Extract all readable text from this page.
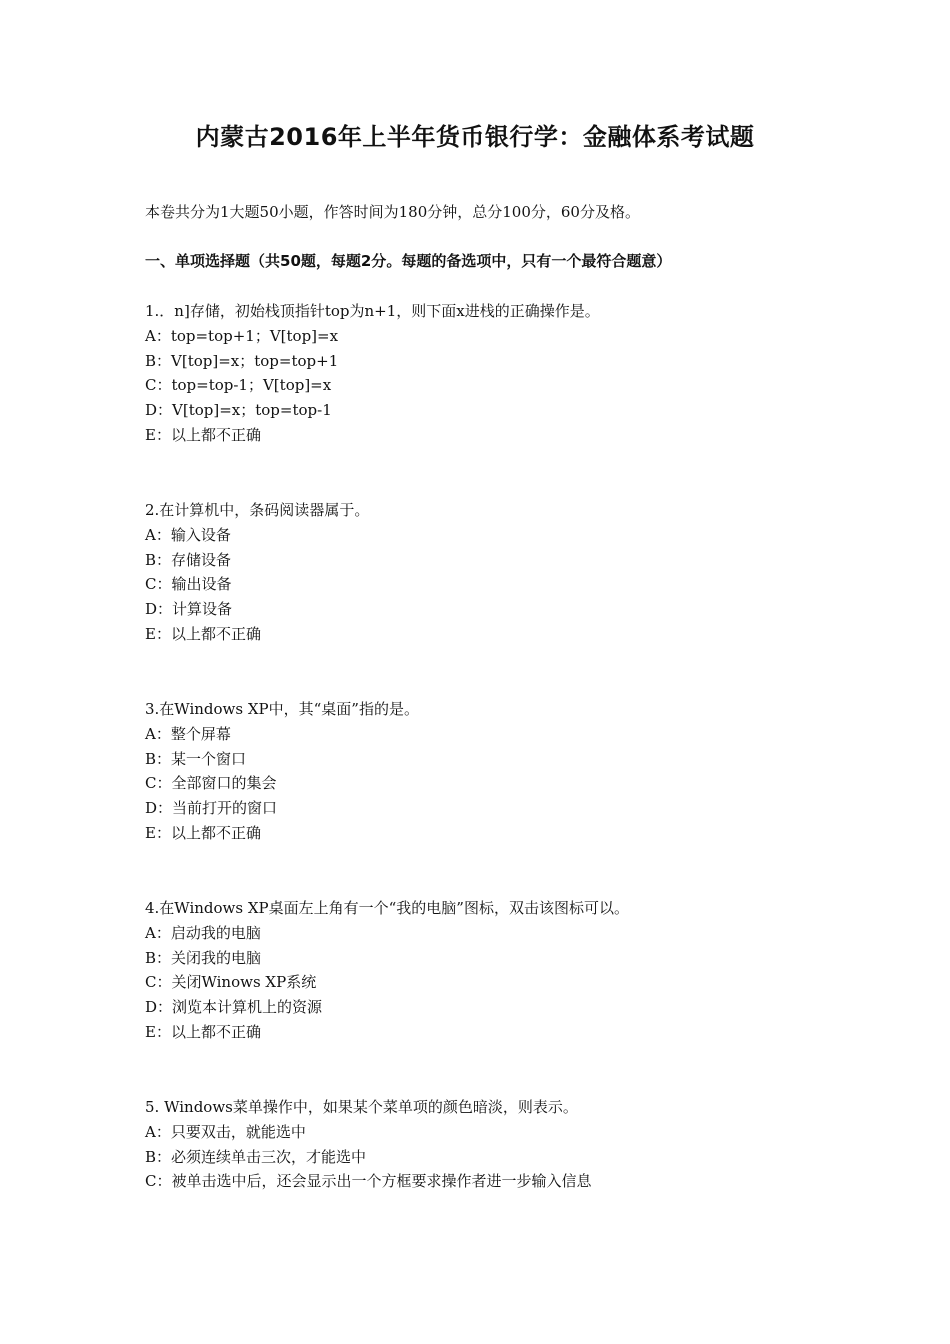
内蒙古2016年上半年货币银行学：金融体系考试题
本卷共分为1大题50小题，作答时间为180分钟，总分100分，60分及格。
一、单项选择题（共50题，每题2分。每题的备选项中，只有一个最符合题意）
1.．n]存储，初始栈顶指针top为n+1，则下面x进栈的正确操作是。
A：top=top+1；V[top]=x
B：V[top]=x；top=top+1
C：top=top-1；V[top]=x
D：V[top]=x；top=top-1
E：以上都不正确
2.在计算机中，条码阅读器属于。
A：输入设备
B：存储设备
C：输出设备
D：计算设备
E：以上都不正确
3.在Windows XP中，其“桌面”指的是。
A：整个屏幕
B：某一个窗口
C：全部窗口的集会
D：当前打开的窗口
E：以上都不正确
4.在Windows XP桌面左上角有一个“我的电脑”图标，双击该图标可以。
A：启动我的电脑
B：关闭我的电脑
C：关闭Winows XP系统
D：浏览本计算机上的资源
E：以上都不正确
5. Windows菜单操作中，如果某个菜单项的颜色暗淡，则表示。
A：只要双击，就能选中
B：必须连续单击三次，才能选中
C：被单击选中后，还会显示出一个方框要求操作者进一步输入信息
